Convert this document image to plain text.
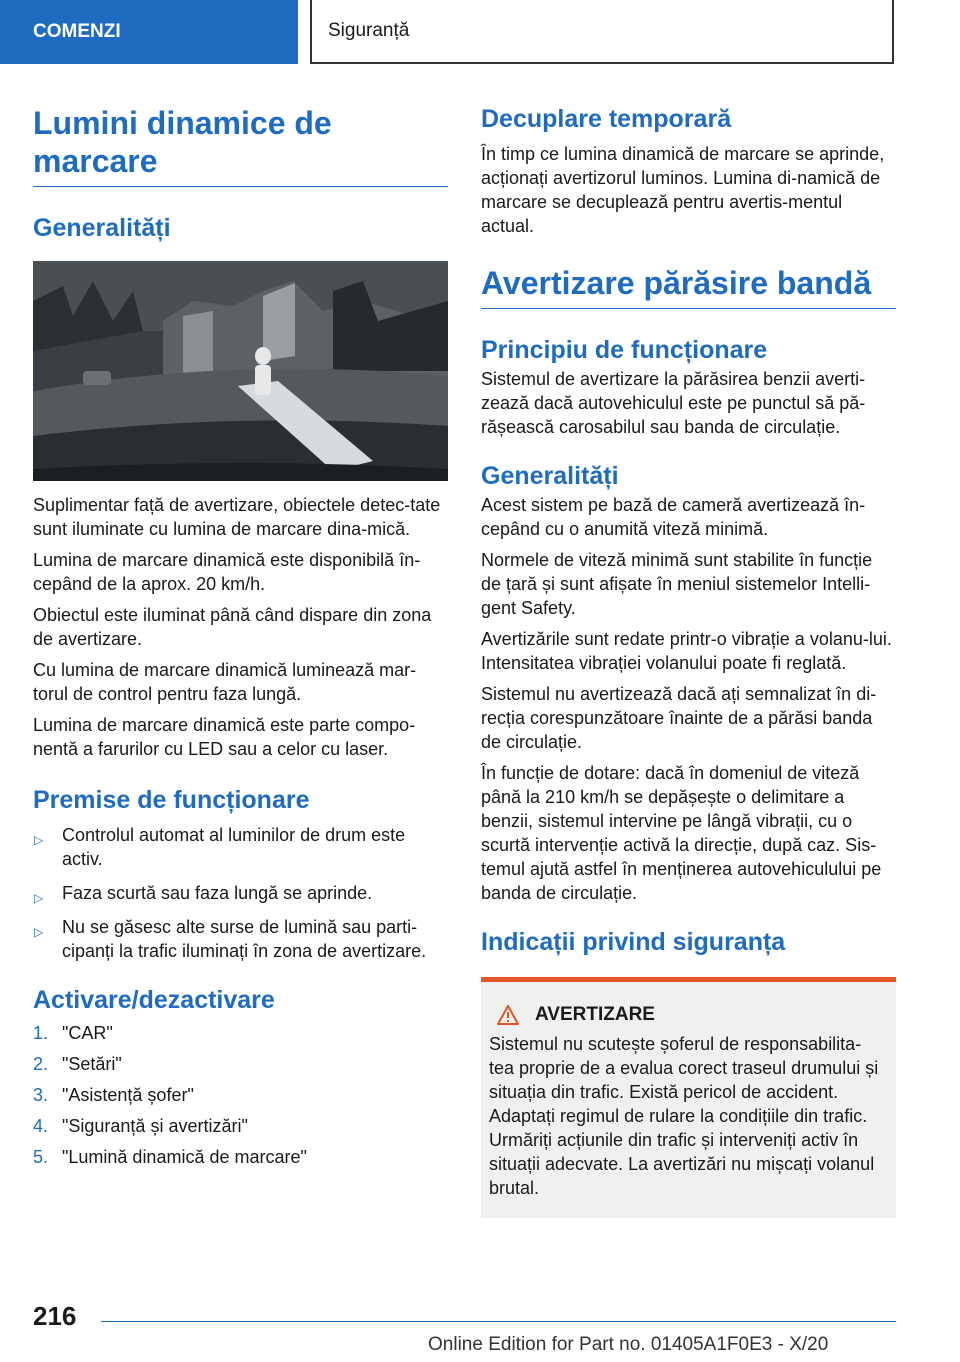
COMENZI	Siguranță
Lumini dinamice de marcare
Generalități

Suplimentar față de avertizare, obiectele detec‐tate sunt iluminate cu lumina de marcare dina‐mică.

Lumina de marcare dinamică este disponibilă în‐cepând de la aprox. 20 km/h.

Obiectul este iluminat până când dispare din zona de avertizare.

Cu lumina de marcare dinamică luminează mar‐torul de control pentru faza lungă.

Lumina de marcare dinamică este parte compo‐nentă a farurilor cu LED sau a celor cu laser.

Premise de funcționare
▷ Controlul automat al luminilor de drum este activ.
▷ Faza scurtă sau faza lungă se aprinde.
▷ Nu se găsesc alte surse de lumină sau parti‐cipanți la trafic iluminați în zona de avertizare.
Activare/dezactivare
1. "CAR"
2. "Setări"
3. "Asistență șofer"
4. "Siguranță și avertizări"
5. "Lumină dinamică de marcare"
Decuplare temporară

În timp ce lumina dinamică de marcare se aprinde, acționați avertizorul luminos. Lumina di‐namică de marcare se decuplează pentru avertis‐mentul actual.

Avertizare părăsire bandă
Principiu de funcționare

Sistemul de avertizare la părăsirea benzii averti‐zează dacă autovehiculul este pe punctul să pă‐rășească carosabilul sau banda de circulație.

Generalități

Acest sistem pe bază de cameră avertizează în‐cepând cu o anumită viteză minimă.

Normele de viteză minimă sunt stabilite în funcție de țară și sunt afișate în meniul sistemelor Intelli‐gent Safety.

Avertizările sunt redate printr-o vibrație a volanu‐lui. Intensitatea vibrației volanului poate fi reglată.

Sistemul nu avertizează dacă ați semnalizat în di‐recția corespunzătoare înainte de a părăsi banda de circulație.

În funcție de dotare: dacă în domeniul de viteză până la 210 km/h se depășește o delimitare a benzii, sistemul intervine pe lângă vibrații, cu o scurtă intervenție activă la direcție, după caz. Sis‐temul ajută astfel în menținerea autovehiculului pe banda de circulație.

Indicații privind siguranța
AVERTIZARE

Sistemul nu scutește șoferul de responsabilita‐tea proprie de a evalua corect traseul drumului și situația din trafic. Există pericol de accident. Adaptați regimul de rulare la condițiile din trafic. Urmăriți acțiunile din trafic și interveniți activ în situații adecvate. La avertizări nu mișcați volanul brutal.

216
Online Edition for Part no. 01405A1F0E3 - X/20
